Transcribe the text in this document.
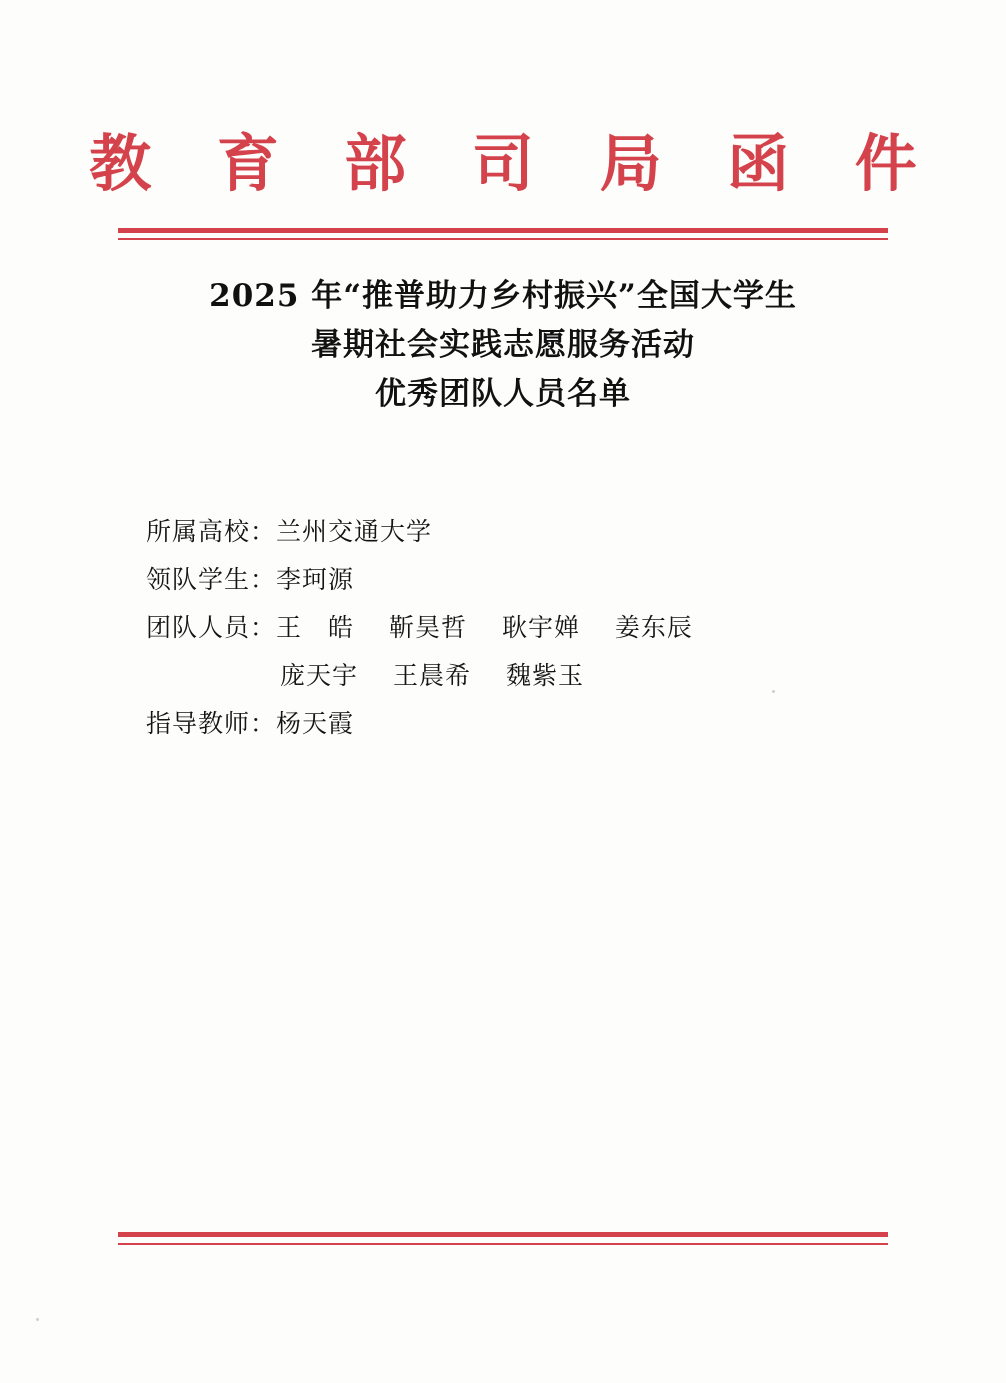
教 育 部 司 局 函 件
2025 年“推普助力乡村振兴”全国大学生
暑期社会实践志愿服务活动
优秀团队人员名单
所属高校： 兰州交通大学
领队学生： 李珂源
团队人员： 王　皓 靳昊哲 耿宇婵 姜东辰
庞天宇 王晨希 魏紫玉
指导教师： 杨天霞
